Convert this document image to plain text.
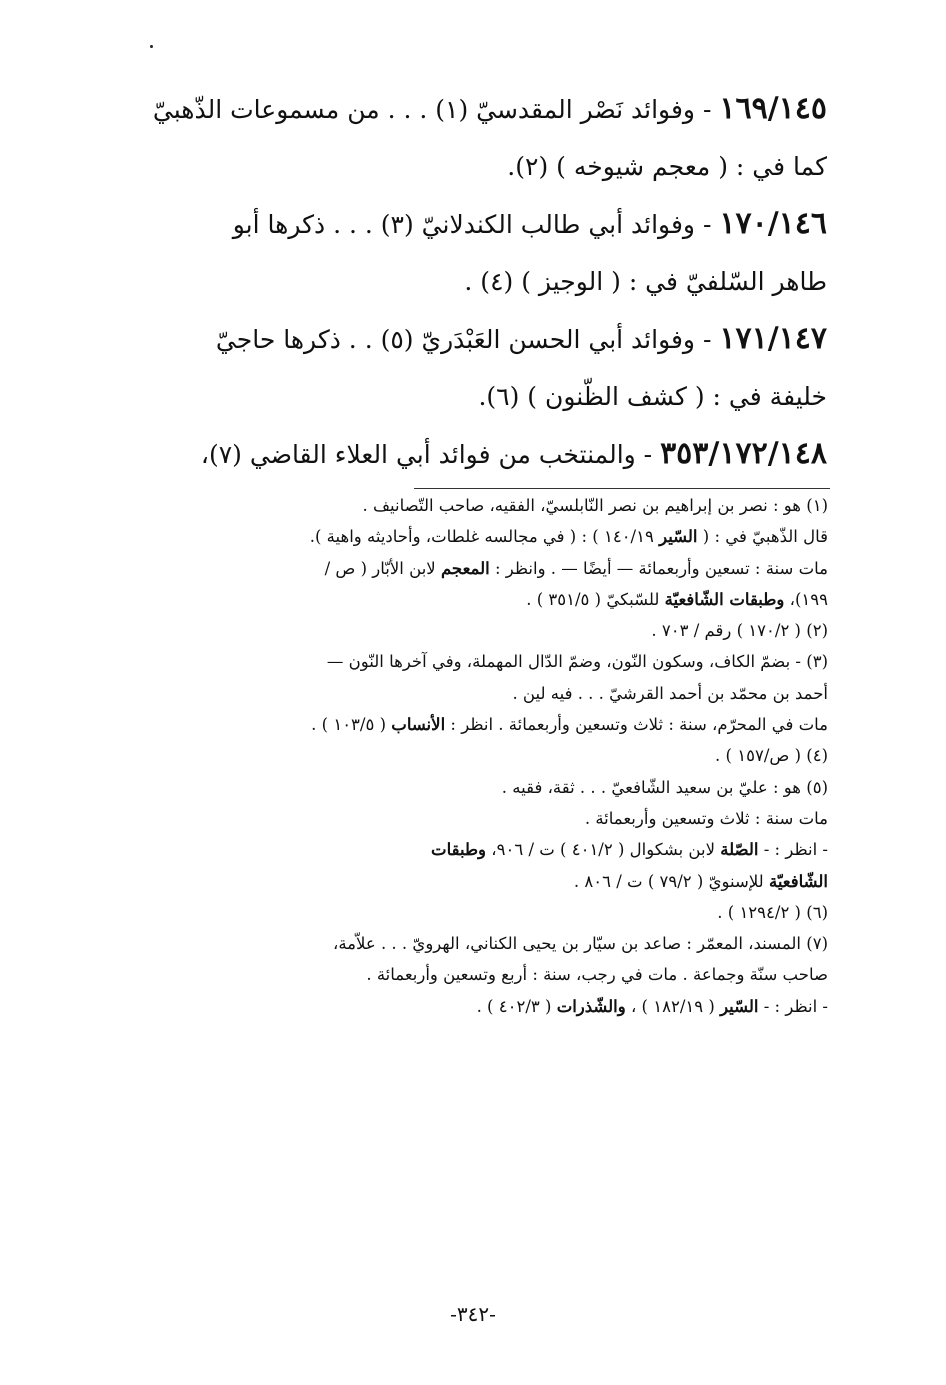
١٦٩/١٤٥ - وفوائد نَصْر المقدسيّ (١) . . . من مسموعات الذّهبيّ
كما في : ( معجم شيوخه ) (٢).
١٧٠/١٤٦ - وفوائد أبي طالب الكندلانيّ (٣) . . . ذكرها أبو
طاهر السّلفيّ في : ( الوجيز ) (٤) .
١٧١/١٤٧ - وفوائد أبي الحسن العَبْدَريّ (٥) . . ذكرها حاجيّ
خليفة في : ( كشف الظّنون ) (٦).
٣٥٣/١٧٢/١٤٨ - والمنتخب من فوائد أبي العلاء القاضي (٧)،
(١) هو : نصر بن إبراهيم بن نصر النّابلسيّ، الفقيه، صاحب التّصانيف .
قال الذّهبيّ في : ( السّير ١٤٠/١٩ ) : ( في مجالسه غلطات، وأحاديثه واهية ).
مات سنة : تسعين وأربعمائة — أيضًا — . وانظر : المعجم لابن الأبّار ( ص /
١٩٩)، وطبقات الشّافعيّة للسّبكيّ ( ٣٥١/٥ ) .
(٢) ( ١٧٠/٢ ) رقم / ٧٠٣ .
(٣) - بضمّ الكاف، وسكون النّون، وضمّ الدّال المهملة، وفي آخرها النّون —
أحمد بن محمّد بن أحمد القرشيّ . . . فيه لين .
مات في المحرّم، سنة : ثلاث وتسعين وأربعمائة . انظر : الأنساب ( ١٠٣/٥ ) .
(٤) ( ص/١٥٧ ) .
(٥) هو : عليّ بن سعيد الشّافعيّ . . . ثقة، فقيه .
مات سنة : ثلاث وتسعين وأربعمائة .
- انظر : - الصّلة لابن بشكوال ( ٤٠١/٢ ) ت / ٩٠٦، وطبقات
الشّافعيّة للإسنويّ ( ٧٩/٢ ) ت / ٨٠٦ .
(٦) ( ١٢٩٤/٢ ) .
(٧) المسند، المعمّر : صاعد بن سيّار بن يحيى الكناني، الهرويّ . . . علاّمة،
صاحب سنّة وجماعة . مات في رجب، سنة : أربع وتسعين وأربعمائة .
- انظر : - السّير ( ١٨٢/١٩ ) ، والشّذرات ( ٤٠٢/٣ ) .
-٣٤٢-
